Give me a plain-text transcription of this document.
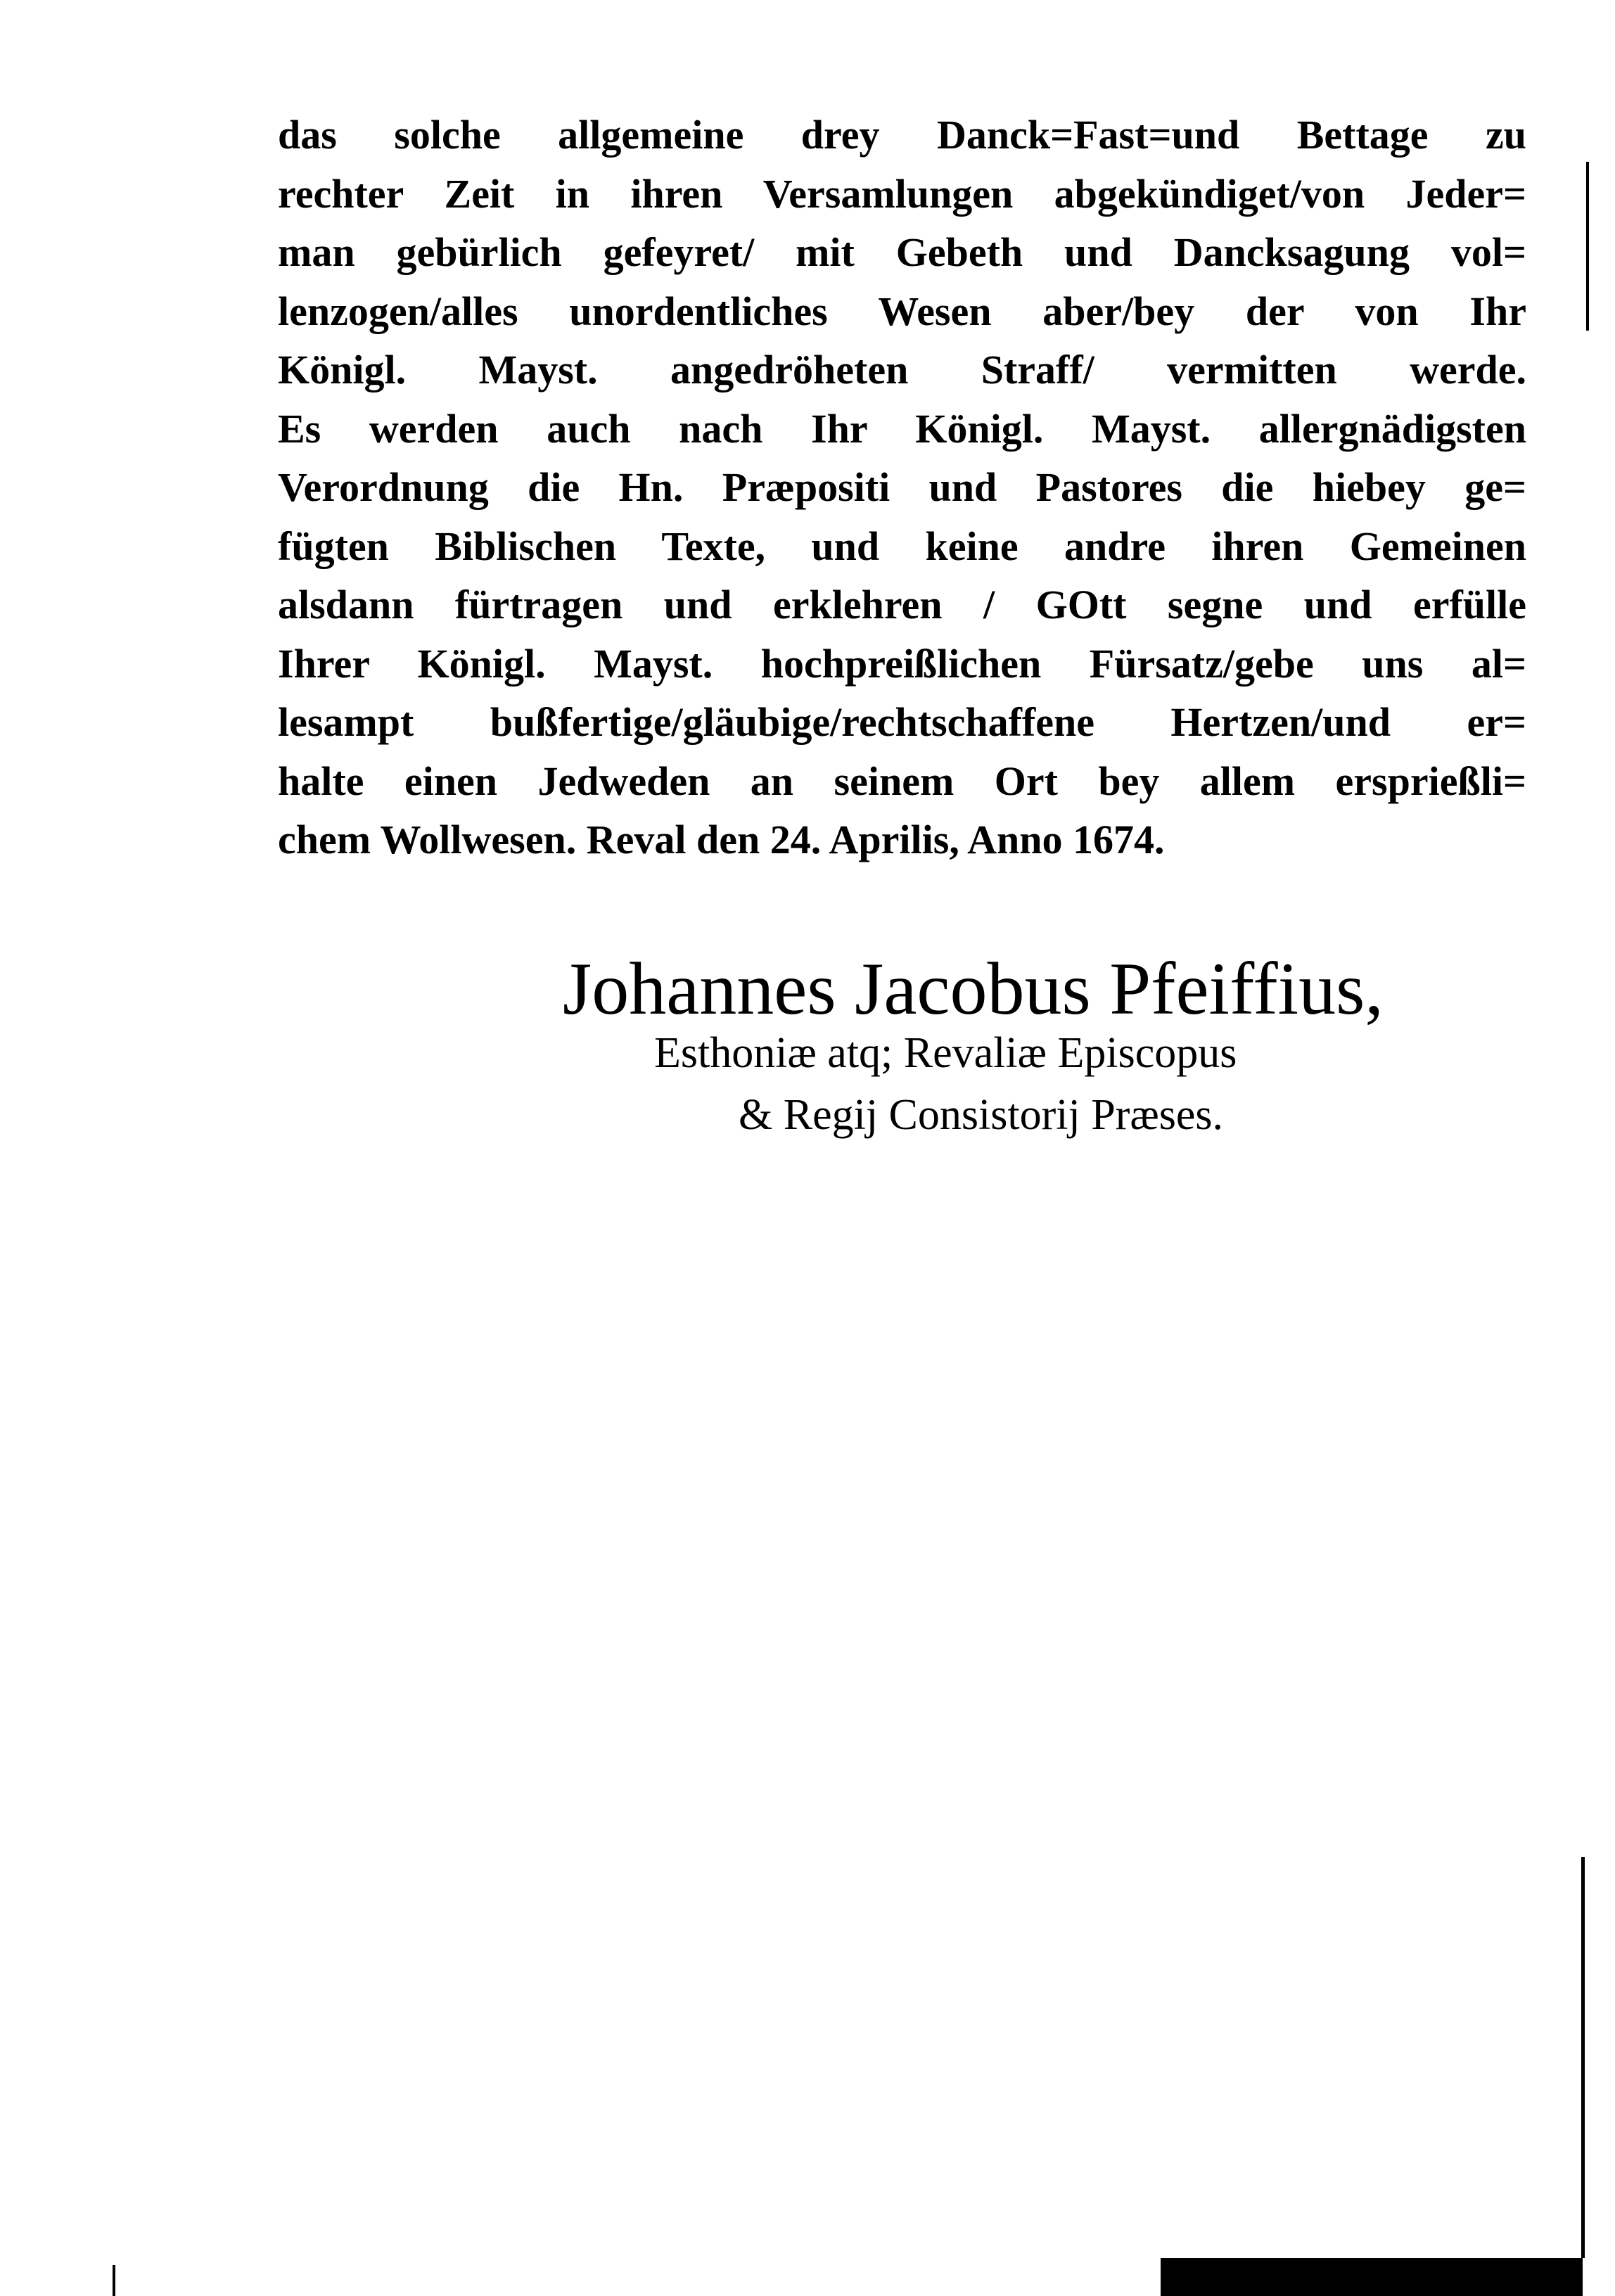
das solche allgemeine drey Danck=Fast=und Bettage zu
rechter Zeit in ihren Versamlungen abgekündiget/von Jeder=
man gebürlich gefeyret/ mit Gebeth und Dancksagung vol=
lenzogen/alles unordentliches Wesen aber/bey der von Ihr
Königl. Mayst. angedröheten Straff/ vermitten werde.
Es werden auch nach Ihr Königl. Mayst. allergnädigsten
Verordnung die Hn. Præpositi und Pastores die hiebey ge=
fügten Biblischen Texte, und keine andre ihren Gemeinen
alsdann fürtragen und erklehren / GOtt segne und erfülle
Ihrer Königl. Mayst. hochpreißlichen Fürsatz/gebe uns al=
lesampt bußfertige/gläubige/rechtschaffene Hertzen/und er=
halte einen Jedweden an seinem Ort bey allem ersprießli=
chem Wollwesen. Reval den 24. Aprilis, Anno 1674.
Johannes Jacobus Pfeiffius,
Esthoniæ atq; Revaliæ Episcopus
& Regij Consistorij Præses.
